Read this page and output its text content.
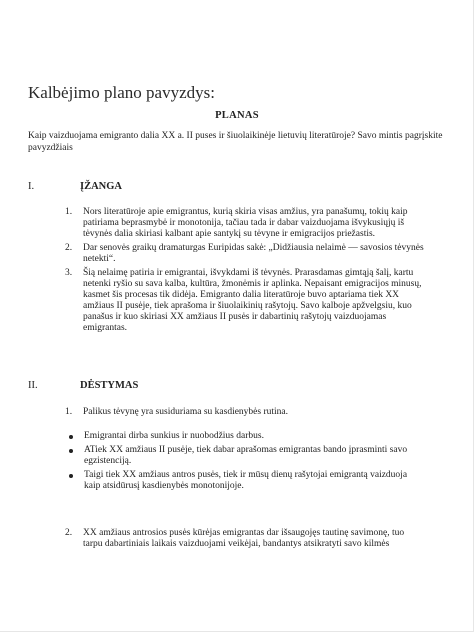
Kalbėjimo plano pavyzdys:
PLANAS

Kaip vaizduojama emigranto dalia XX a. II puses ir šiuolaikinėje lietuvių literatūroje? Savo mintis pagrįskite pavyzdžiais

I.	ĮŽANGA
1. Nors literatūroje apie emigrantus, kurią skiria visas amžius, yra panašumų, tokių kaip patiriama beprasmybė ir monotonija, tačiau tada ir dabar vaizduojama išvykusiųjų iš tėvynės dalia skiriasi kalbant apie santykį su tėvyne ir emigracijos priežastis.
2. Dar senovės graikų dramaturgas Euripidas sakė: „Didžiausia nelaimė — savosios tėvynės netekti“.
3. Šią nelaimę patiria ir emigrantai, išvykdami iš tėvynės. Prarasdamas gimtąją šalį, kartu netenki ryšio su sava kalba, kultūra, žmonėmis ir aplinka. Nepaisant emigracijos minusų, kasmet šis procesas tik didėja. Emigranto dalia literatūroje buvo aptariama tiek XX amžiaus II pusėje, tiek aprašoma ir šiuolaikinių rašytojų. Savo kalboje apžvelgsiu, kuo panašus ir kuo skiriasi XX amžiaus II pusės ir dabartinių rašytojų vaizduojamas emigrantas.
II.	DĖSTYMAS
1. Palikus tėvynę yra susiduriama su kasdienybės rutina.
Emigrantai dirba sunkius ir nuobodžius darbus.
ATiek XX amžiaus II pusėje, tiek dabar aprašomas emigrantas bando įprasminti savo egzistenciją.
Taigi tiek XX amžiaus antros pusės, tiek ir mūsų dienų rašytojai emigrantą vaizduoja kaip atsidūrusį kasdienybės monotonijoje.
2. XX amžiaus antrosios pusės kūrėjas emigrantas dar išsaugojęs tautinę savimonę, tuo tarpu dabartiniais laikais vaizduojami veikėjai, bandantys atsikratyti savo kilmės
